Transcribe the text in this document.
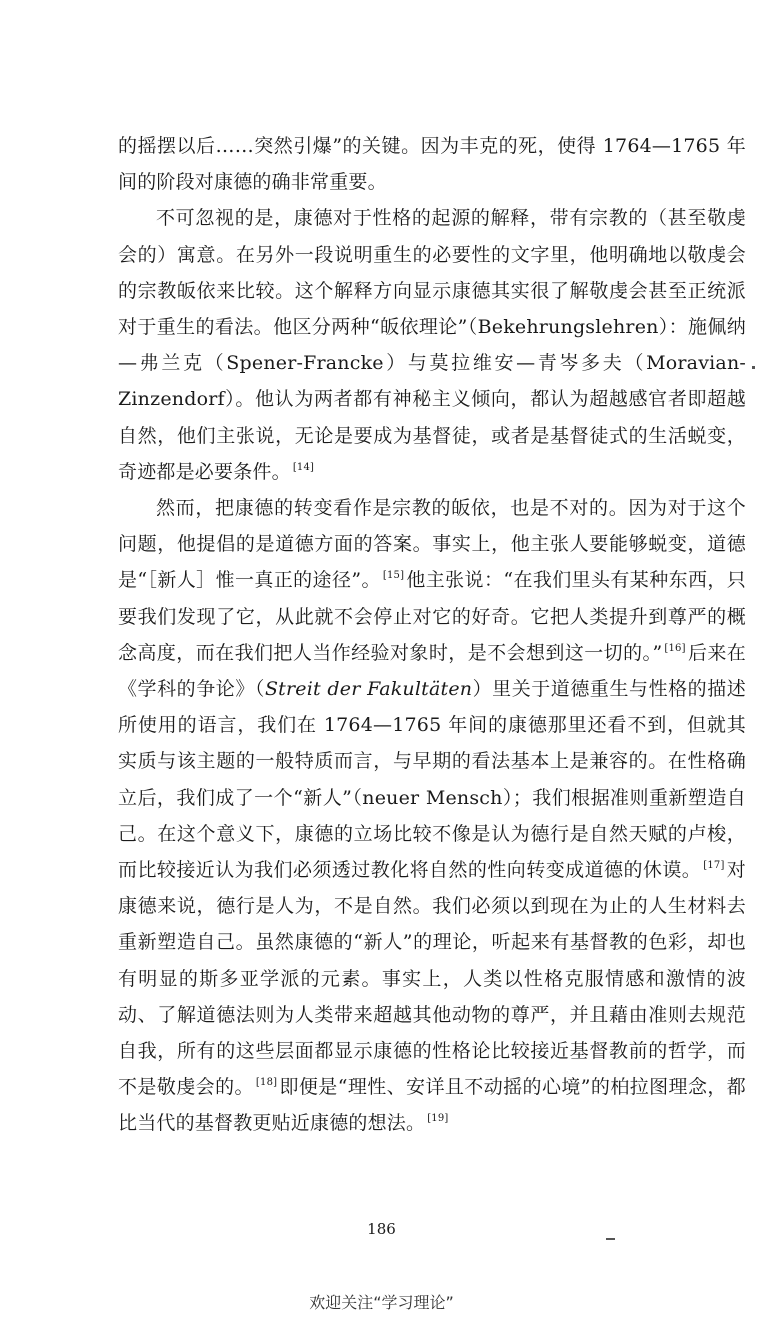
的摇摆以后……突然引爆”的关键。因为丰克的死，使得 1764—1765 年间的阶段对康德的确非常重要。

不可忽视的是，康德对于性格的起源的解释，带有宗教的（甚至敬虔会的）寓意。在另外一段说明重生的必要性的文字里，他明确地以敬虔会的宗教皈依来比较。这个解释方向显示康德其实很了解敬虔会甚至正统派对于重生的看法。他区分两种“皈依理论”（Bekehrungslehren）：施佩纳—弗兰克（Spener-Francke）与莫拉维安—青岑多夫（Moravian-Zinzendorf）。他认为两者都有神秘主义倾向，都认为超越感官者即超越自然，他们主张说，无论是要成为基督徒，或者是基督徒式的生活蜕变，奇迹都是必要条件。 [14]

然而，把康德的转变看作是宗教的皈依，也是不对的。因为对于这个问题，他提倡的是道德方面的答案。事实上，他主张人要能够蜕变，道德是“［新人］惟一真正的途径”。 [15] 他主张说：“在我们里头有某种东西，只要我们发现了它，从此就不会停止对它的好奇。它把人类提升到尊严的概念高度，而在我们把人当作经验对象时，是不会想到这一切的。” [16] 后来在《学科的争论》（Streit der Fakultäten）里关于道德重生与性格的描述所使用的语言，我们在 1764—1765 年间的康德那里还看不到，但就其实质与该主题的一般特质而言，与早期的看法基本上是兼容的。在性格确立后，我们成了一个“新人”（neuer Mensch）；我们根据准则重新塑造自己。在这个意义下，康德的立场比较不像是认为德行是自然天赋的卢梭，而比较接近认为我们必须透过教化将自然的性向转变成道德的休谟。 [17] 对康德来说，德行是人为，不是自然。我们必须以到现在为止的人生材料去重新塑造自己。虽然康德的“新人”的理论，听起来有基督教的色彩，却也有明显的斯多亚学派的元素。事实上，人类以性格克服情感和激情的波动、了解道德法则为人类带来超越其他动物的尊严，并且藉由准则去规范自我，所有的这些层面都显示康德的性格论比较接近基督教前的哲学，而不是敬虔会的。 [18] 即便是“理性、安详且不动摇的心境”的柏拉图理念，都比当代的基督教更贴近康德的想法。 [19]

186
欢迎关注“学习理论”
